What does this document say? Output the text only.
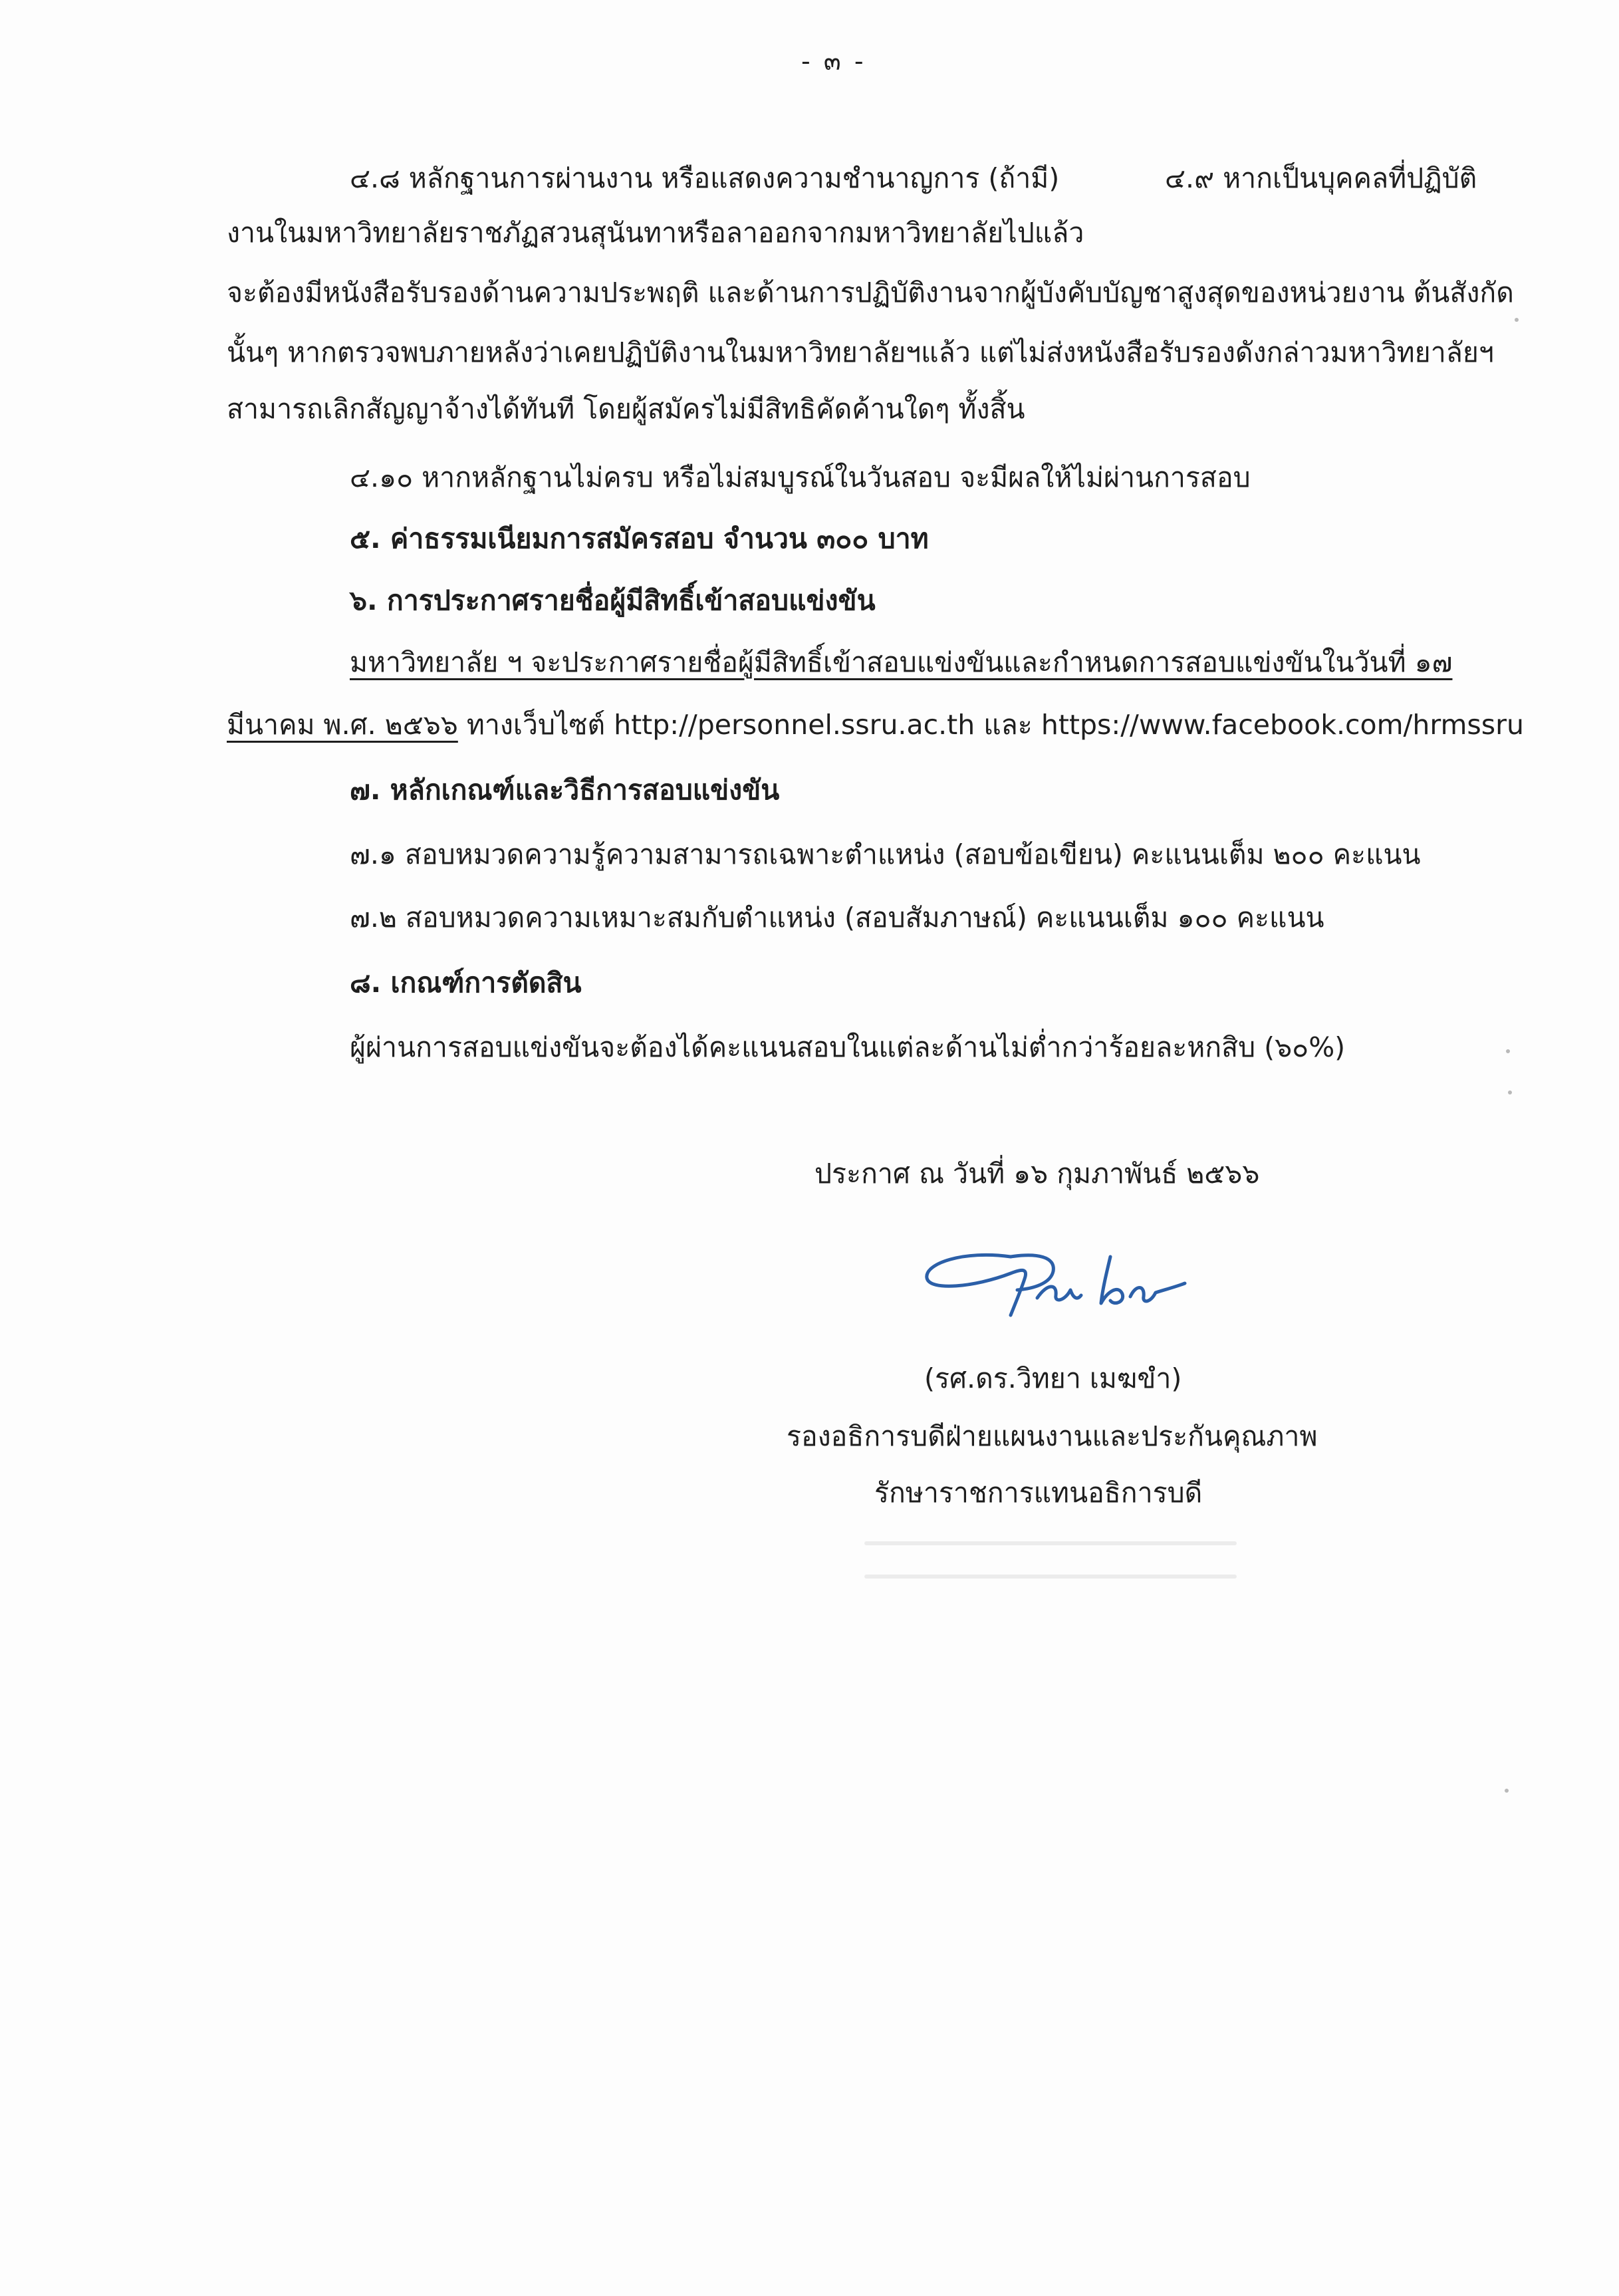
- ๓ -
๔.๘ หลักฐานการผ่านงาน หรือแสดงความชำนาญการ (ถ้ามี)	๔.๙ หากเป็นบุคคลที่ปฏิบัติ
งานในมหาวิทยาลัยราชภัฏสวนสุนันทาหรือลาออกจากมหาวิทยาลัยไปแล้ว
จะต้องมีหนังสือรับรองด้านความประพฤติ และด้านการปฏิบัติงานจากผู้บังคับบัญชาสูงสุดของหน่วยงาน ต้นสังกัด
นั้นๆ หากตรวจพบภายหลังว่าเคยปฏิบัติงานในมหาวิทยาลัยฯแล้ว แต่ไม่ส่งหนังสือรับรองดังกล่าวมหาวิทยาลัยฯ
สามารถเลิกสัญญาจ้างได้ทันที โดยผู้สมัครไม่มีสิทธิคัดค้านใดๆ ทั้งสิ้น
๔.๑๐ หากหลักฐานไม่ครบ หรือไม่สมบูรณ์ในวันสอบ จะมีผลให้ไม่ผ่านการสอบ
๕. ค่าธรรมเนียมการสมัครสอบ จำนวน ๓๐๐ บาท
๖. การประกาศรายชื่อผู้มีสิทธิ์เข้าสอบแข่งขัน
มหาวิทยาลัย ฯ จะประกาศรายชื่อผู้มีสิทธิ์เข้าสอบแข่งขันและกำหนดการสอบแข่งขันในวันที่ ๑๗
มีนาคม พ.ศ. ๒๕๖๖ ทางเว็บไซต์ http://personnel.ssru.ac.th และ https://www.facebook.com/hrmssru
๗. หลักเกณฑ์และวิธีการสอบแข่งขัน
๗.๑ สอบหมวดความรู้ความสามารถเฉพาะตำแหน่ง (สอบข้อเขียน) คะแนนเต็ม ๒๐๐ คะแนน
๗.๒ สอบหมวดความเหมาะสมกับตำแหน่ง (สอบสัมภาษณ์) คะแนนเต็ม ๑๐๐ คะแนน
๘. เกณฑ์การตัดสิน
ผู้ผ่านการสอบแข่งขันจะต้องได้คะแนนสอบในแต่ละด้านไม่ต่ำกว่าร้อยละหกสิบ (๖๐%)
ประกาศ ณ วันที่ ๑๖ กุมภาพันธ์ ๒๕๖๖
(รศ.ดร.วิทยา เมฆขำ)
รองอธิการบดีฝ่ายแผนงานและประกันคุณภาพ
รักษาราชการแทนอธิการบดี
